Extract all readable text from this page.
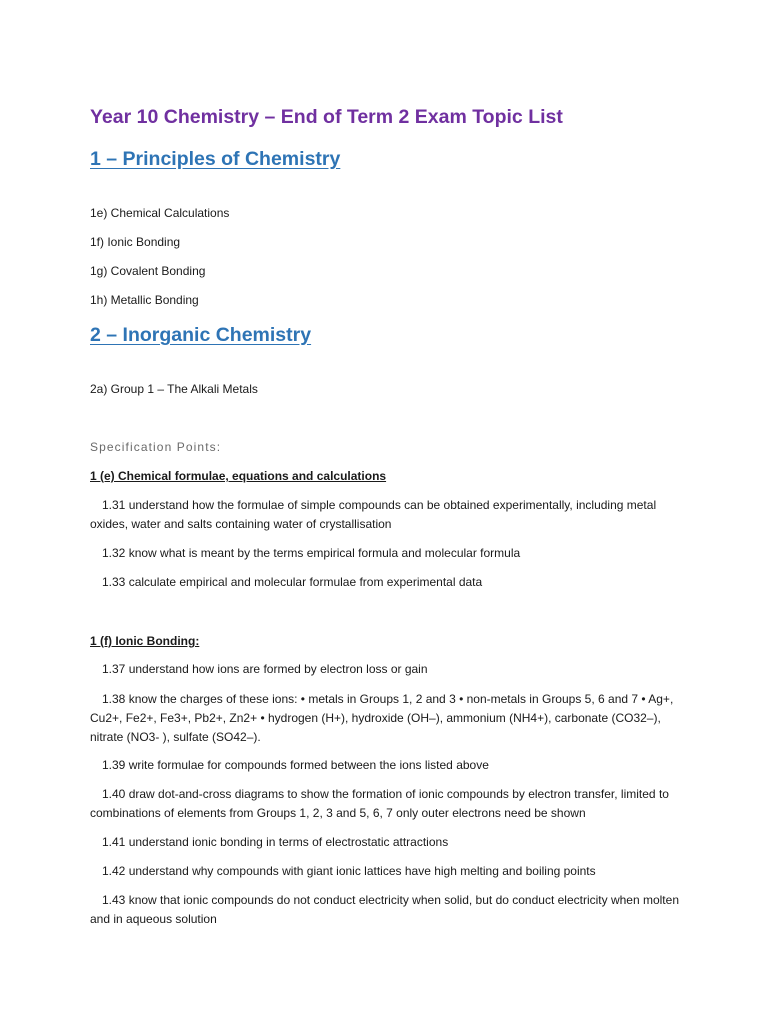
Year 10 Chemistry – End of Term 2 Exam Topic List
1 – Principles of Chemistry
1e) Chemical Calculations
1f) Ionic Bonding
1g) Covalent Bonding
1h) Metallic Bonding
2 – Inorganic Chemistry
2a) Group 1 – The Alkali Metals
Specification Points:
1 (e) Chemical formulae, equations and calculations
1.31 understand how the formulae of simple compounds can be obtained experimentally, including metal oxides, water and salts containing water of crystallisation
1.32 know what is meant by the terms empirical formula and molecular formula
1.33 calculate empirical and molecular formulae from experimental data
1 (f) Ionic Bonding:
1.37 understand how ions are formed by electron loss or gain
1.38 know the charges of these ions: • metals in Groups 1, 2 and 3 • non-metals in Groups 5, 6 and 7 • Ag+, Cu2+, Fe2+, Fe3+, Pb2+, Zn2+ • hydrogen (H+), hydroxide (OH–), ammonium (NH4+), carbonate (CO32–), nitrate (NO3- ), sulfate (SO42–).
1.39 write formulae for compounds formed between the ions listed above
1.40 draw dot-and-cross diagrams to show the formation of ionic compounds by electron transfer, limited to combinations of elements from Groups 1, 2, 3 and 5, 6, 7 only outer electrons need be shown
1.41 understand ionic bonding in terms of electrostatic attractions
1.42 understand why compounds with giant ionic lattices have high melting and boiling points
1.43 know that ionic compounds do not conduct electricity when solid, but do conduct electricity when molten and in aqueous solution
